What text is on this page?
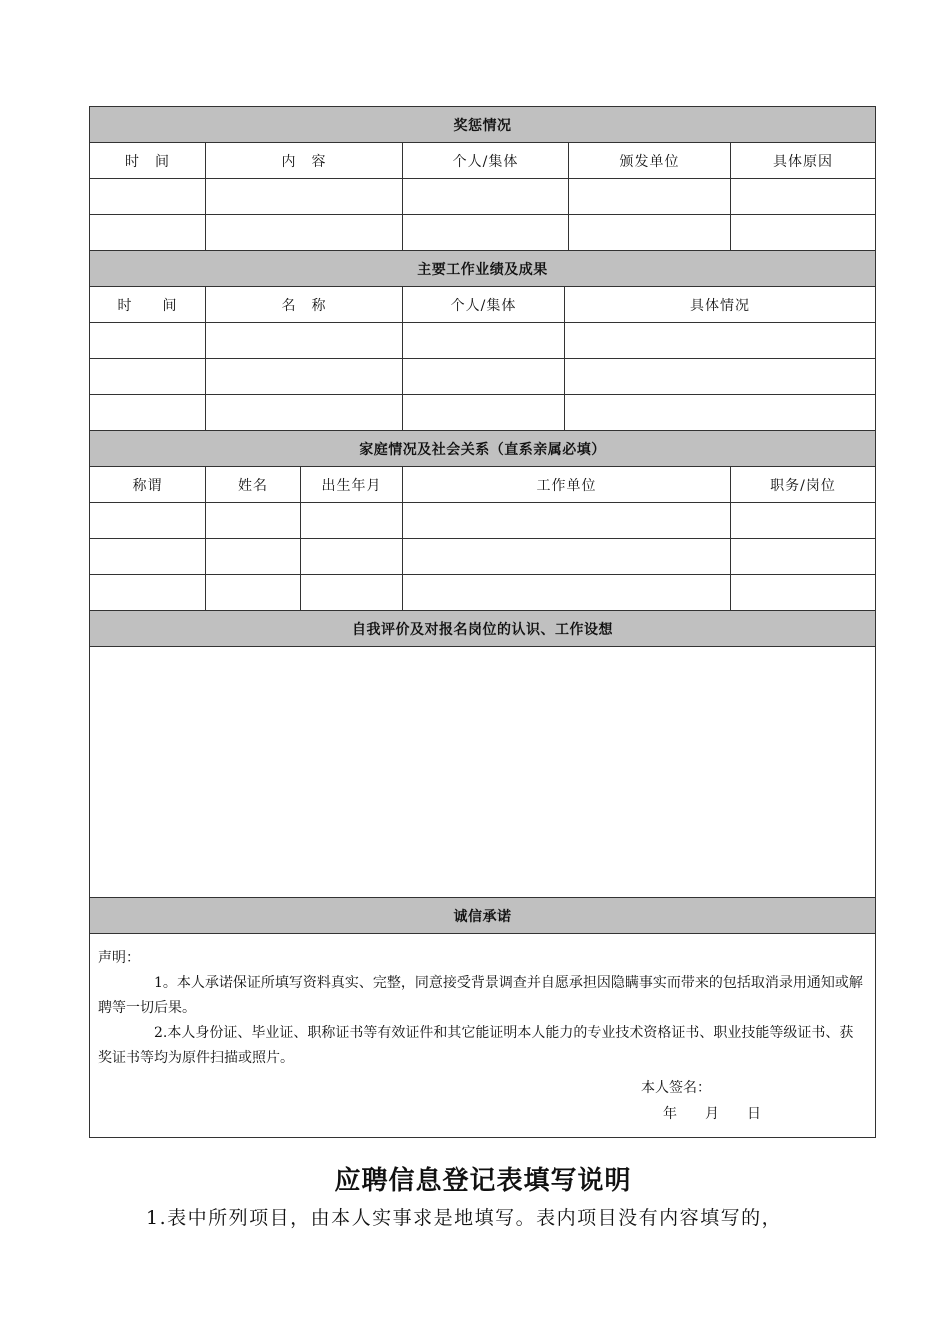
奖惩情况						
时　间	内　容		个人/集体		颁发单位	具体原因

主要工作业绩及成果						
时　　间	名　称		个人/集体	具体情况		

家庭情况及社会关系（直系亲属必填）						
称谓	姓名	出生年月	工作单位			职务/岗位

自我评价及对报名岗位的认识、工作设想						

诚信承诺						

声明：

1。本人承诺保证所填写资料真实、完整，同意接受背景调查并自愿承担因隐瞒事实而带来的包括取消录用通知或解聘等一切后果。

2.本人身份证、毕业证、职称证书等有效证件和其它能证明本人能力的专业技术资格证书、职业技能等级证书、获奖证书等均为原件扫描或照片。

本人签名：
年　　月　　日						
应聘信息登记表填写说明
1.表中所列项目，由本人实事求是地填写。表内项目没有内容填写的，
